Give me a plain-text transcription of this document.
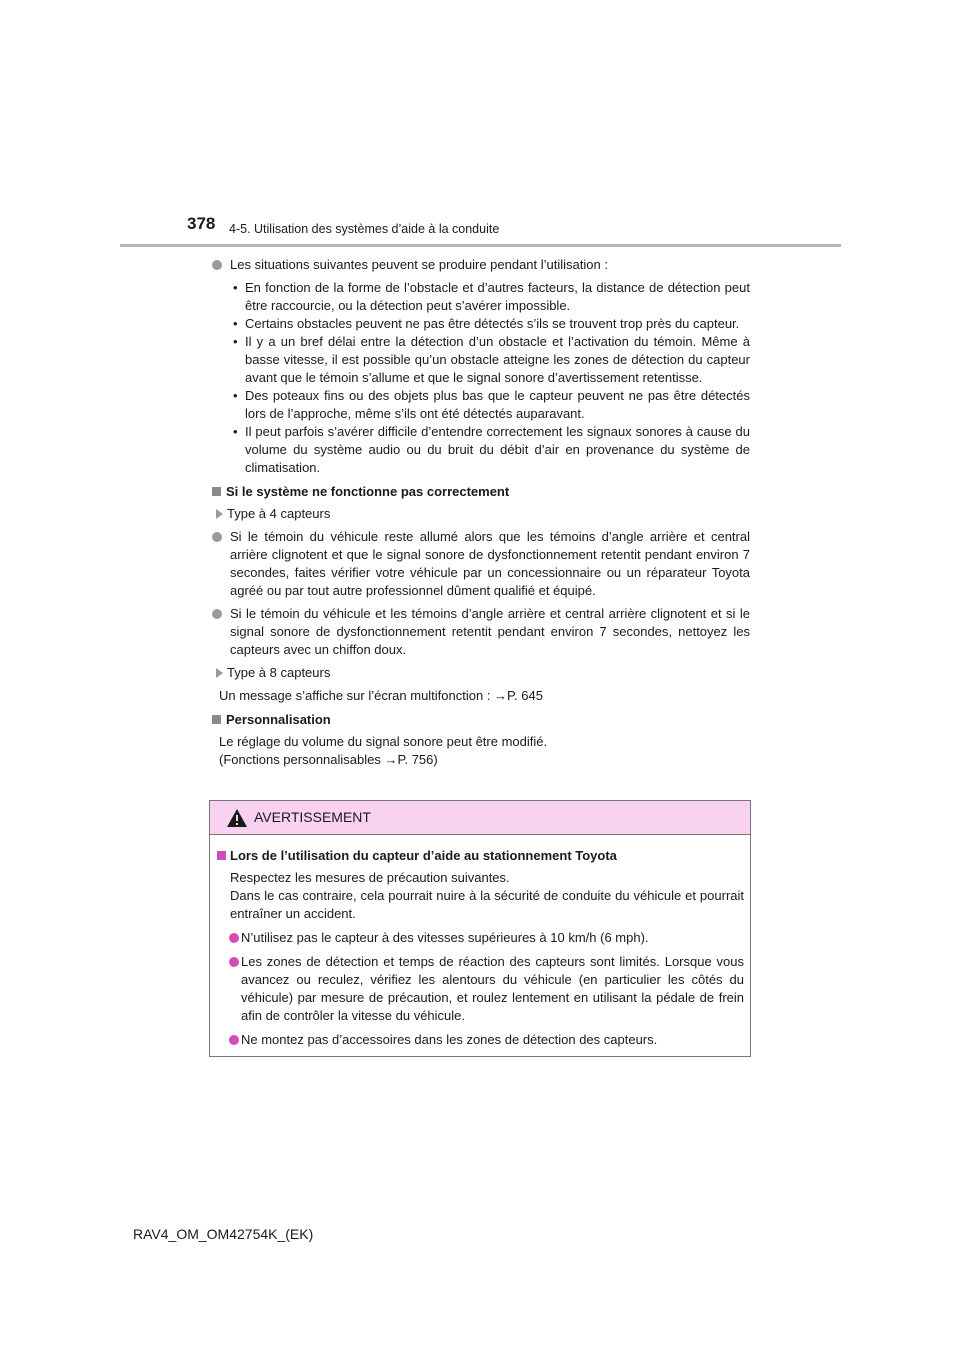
378 4-5. Utilisation des systèmes d’aide à la conduite
Les situations suivantes peuvent se produire pendant l’utilisation :
• En fonction de la forme de l’obstacle et d’autres facteurs, la distance de détection peut être raccourcie, ou la détection peut s’avérer impossible.
• Certains obstacles peuvent ne pas être détectés s’ils se trouvent trop près du capteur.
• Il y a un bref délai entre la détection d’un obstacle et l’activation du témoin. Même à basse vitesse, il est possible qu’un obstacle atteigne les zones de détection du capteur avant que le témoin s’allume et que le signal sonore d’avertissement retentisse.
• Des poteaux fins ou des objets plus bas que le capteur peuvent ne pas être détectés lors de l’approche, même s’ils ont été détectés auparavant.
• Il peut parfois s’avérer difficile d’entendre correctement les signaux sonores à cause du volume du système audio ou du bruit du débit d’air en provenance du système de climatisation.
Si le système ne fonctionne pas correctement
Type à 4 capteurs
Si le témoin du véhicule reste allumé alors que les témoins d’angle arrière et central arrière clignotent et que le signal sonore de dysfonctionnement retentit pendant environ 7 secondes, faites vérifier votre véhicule par un concessionnaire ou un réparateur Toyota agréé ou par tout autre professionnel dûment qualifié et équipé.
Si le témoin du véhicule et les témoins d’angle arrière et central arrière clignotent et si le signal sonore de dysfonctionnement retentit pendant environ 7 secondes, nettoyez les capteurs avec un chiffon doux.
Type à 8 capteurs
Un message s’affiche sur l’écran multifonction : →P. 645
Personnalisation
Le réglage du volume du signal sonore peut être modifié.
(Fonctions personnalisables →P. 756)
AVERTISSEMENT
Lors de l’utilisation du capteur d’aide au stationnement Toyota
Respectez les mesures de précaution suivantes.
Dans le cas contraire, cela pourrait nuire à la sécurité de conduite du véhicule et pourrait entraîner un accident.
N’utilisez pas le capteur à des vitesses supérieures à 10 km/h (6 mph).
Les zones de détection et temps de réaction des capteurs sont limités. Lorsque vous avancez ou reculez, vérifiez les alentours du véhicule (en particulier les côtés du véhicule) par mesure de précaution, et roulez lentement en utilisant la pédale de frein afin de contrôler la vitesse du véhicule.
Ne montez pas d’accessoires dans les zones de détection des capteurs.
RAV4_OM_OM42754K_(EK)
